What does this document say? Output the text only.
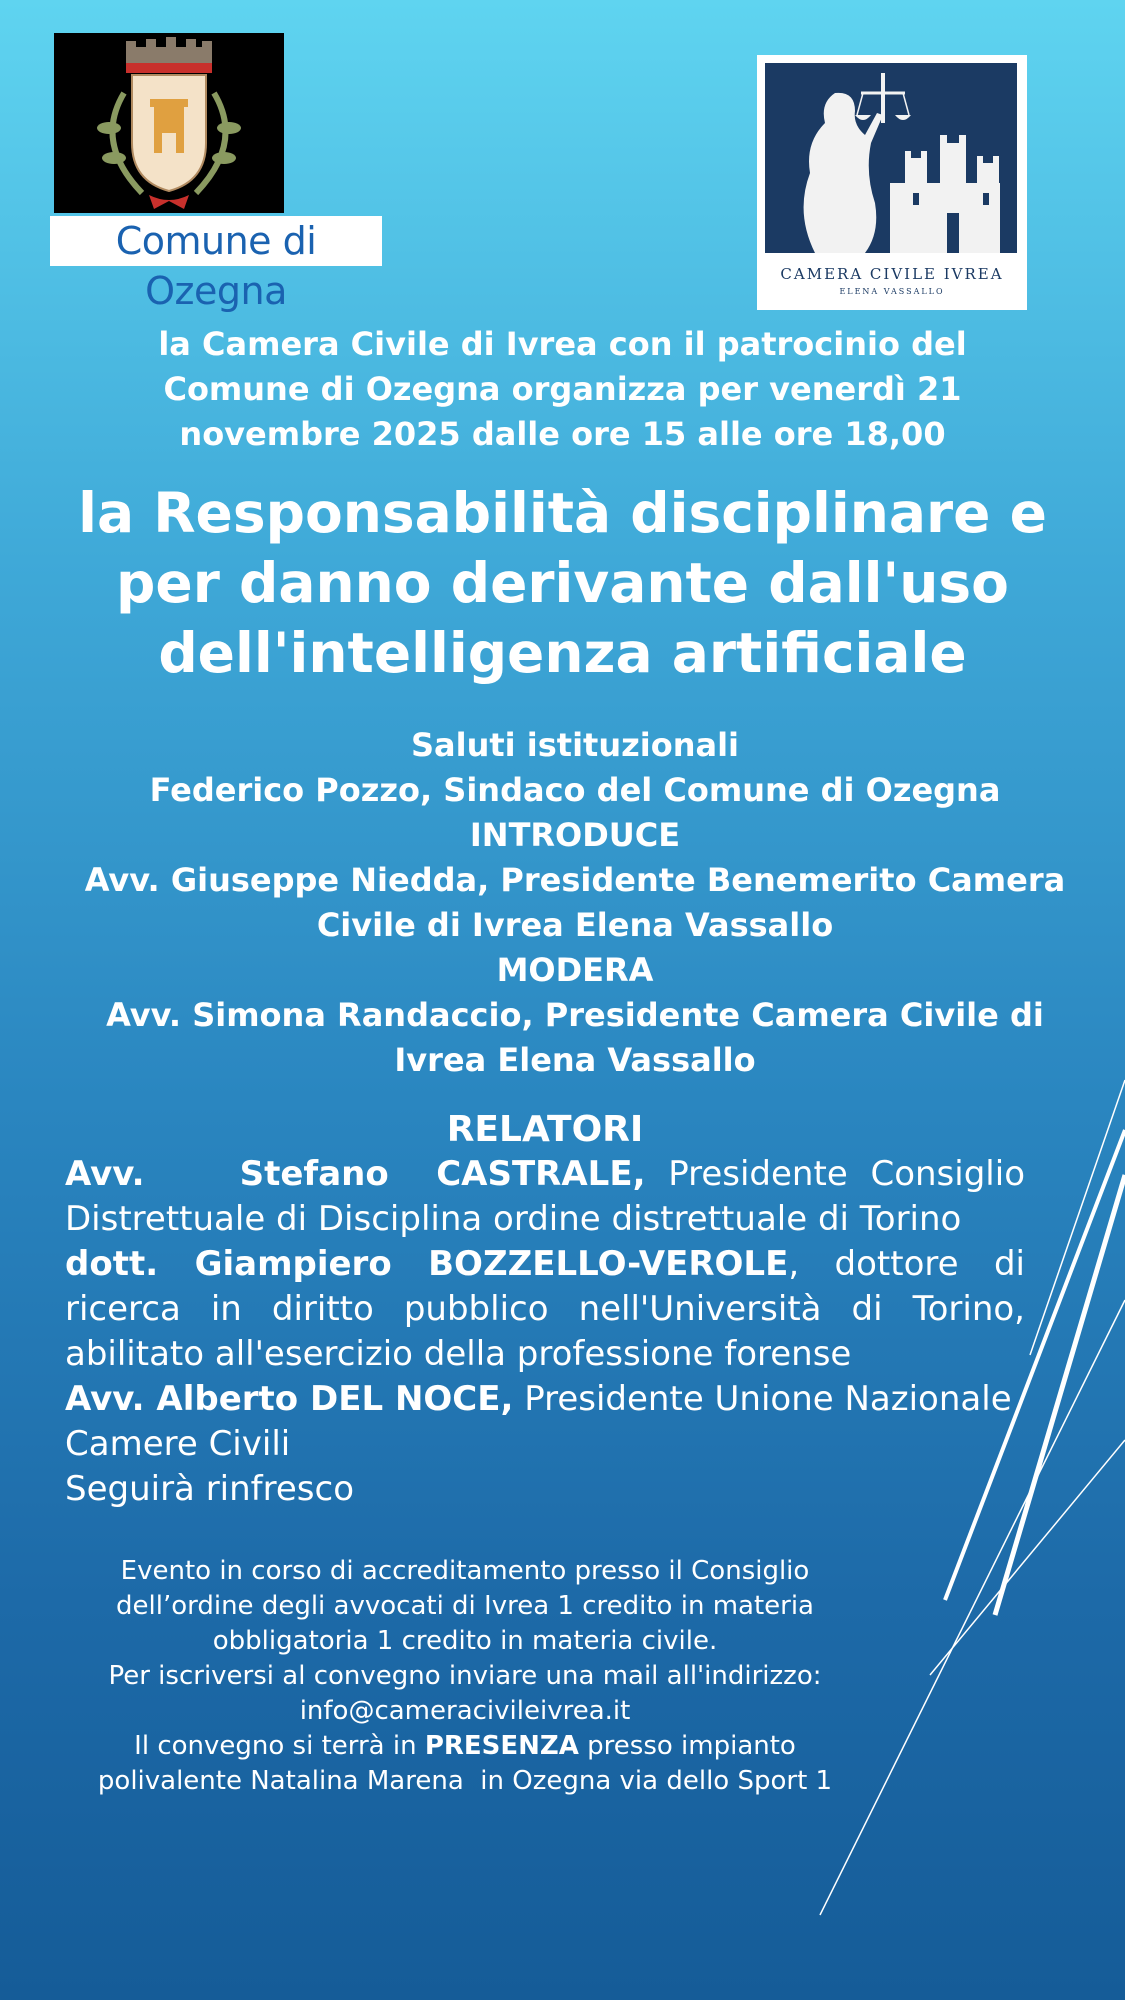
Comune di Ozegna	CAMERA CIVILE IVREA
ELENA VASSALLO
la Camera Civile di Ivrea con il patrocinio del
Comune di Ozegna organizza per venerdì 21
novembre 2025 dalle ore 15 alle ore 18,00
la Responsabilità disciplinare e
per danno derivante dall'uso
dell'intelligenza artificiale
Saluti istituzionali
Federico Pozzo, Sindaco del Comune di Ozegna
INTRODUCE
Avv. Giuseppe Niedda, Presidente Benemerito Camera
Civile di Ivrea Elena Vassallo
MODERA
Avv. Simona Randaccio, Presidente Camera Civile di
Ivrea Elena Vassallo
RELATORI
Avv.    Stefano  CASTRALE, Presidente Consiglio
Distrettuale di Disciplina ordine distrettuale di Torino
dott. Giampiero BOZZELLO-VEROLE, dottore di
ricerca in diritto pubblico nell'Università di Torino,
abilitato all'esercizio della professione forense
Avv. Alberto DEL NOCE, Presidente Unione Nazionale
Camere Civili
Seguirà rinfresco
Evento in corso di accreditamento presso il Consiglio
dell’ordine degli avvocati di Ivrea 1 credito in materia
obbligatoria 1 credito in materia civile.
Per iscriversi al convegno inviare una mail all'indirizzo:
info@cameracivileivrea.it
Il convegno si terrà in PRESENZA presso impianto
polivalente Natalina Marena  in Ozegna via dello Sport 1
